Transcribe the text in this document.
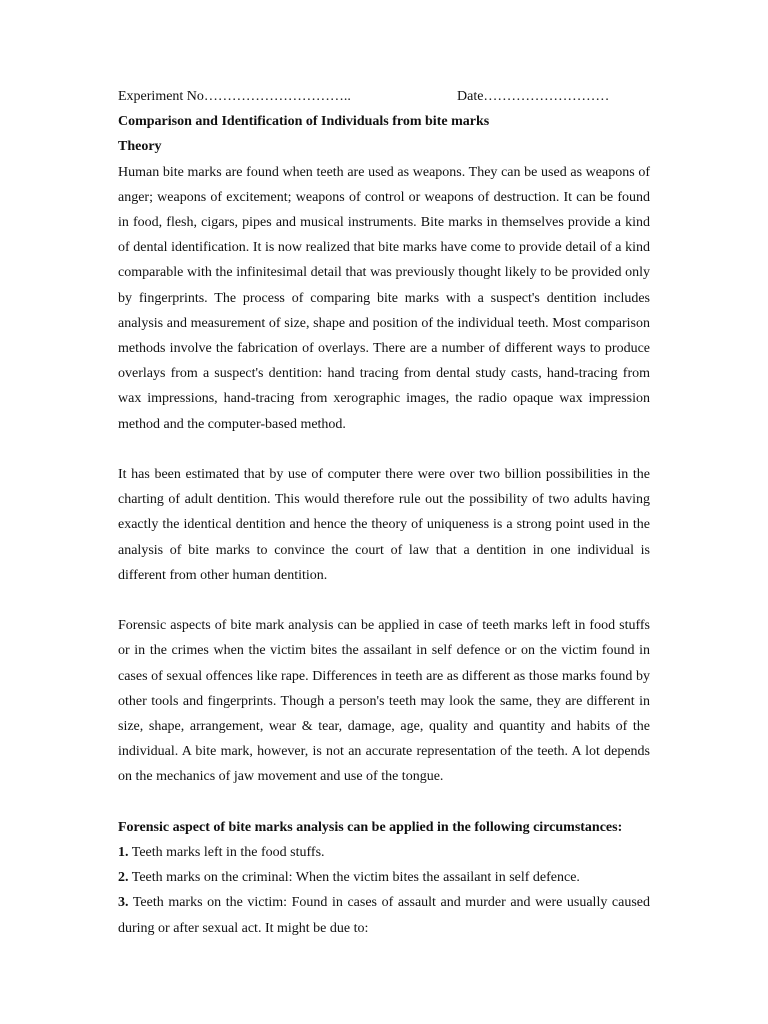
Experiment No…………………………..	Date………………………

Comparison and Identification of Individuals from bite marks

Theory

Human bite marks are found when teeth are used as weapons. They can be used as weapons of anger; weapons of excitement; weapons of control or weapons of destruction. It can be found in food, flesh, cigars, pipes and musical instruments. Bite marks in themselves provide a kind of dental identification. It is now realized that bite marks have come to provide detail of a kind comparable with the infinitesimal detail that was previously thought likely to be provided only by fingerprints. The process of comparing bite marks with a suspect's dentition includes analysis and measurement of size, shape and position of the individual teeth. Most comparison methods involve the fabrication of overlays. There are a number of different ways to produce overlays from a suspect's dentition: hand tracing from dental study casts, hand-tracing from wax impressions, hand-tracing from xerographic images, the radio opaque wax impression method and the computer-based method.

It has been estimated that by use of computer there were over two billion possibilities in the charting of adult dentition. This would therefore rule out the possibility of two adults having exactly the identical dentition and hence the theory of uniqueness is a strong point used in the analysis of bite marks to convince the court of law that a dentition in one individual is different from other human dentition.

Forensic aspects of bite mark analysis can be applied in case of teeth marks left in food stuffs or in the crimes when the victim bites the assailant in self defence or on the victim found in cases of sexual offences like rape. Differences in teeth are as different as those marks found by other tools and fingerprints. Though a person's teeth may look the same, they are different in size, shape, arrangement, wear & tear, damage, age, quality and quantity and habits of the individual. A bite mark, however, is not an accurate representation of the teeth. A lot depends on the mechanics of jaw movement and use of the tongue.

Forensic aspect of bite marks analysis can be applied in the following circumstances:

1. Teeth marks left in the food stuffs.

2. Teeth marks on the criminal: When the victim bites the assailant in self defence.

3. Teeth marks on the victim: Found in cases of assault and murder and were usually caused during or after sexual act. It might be due to:
